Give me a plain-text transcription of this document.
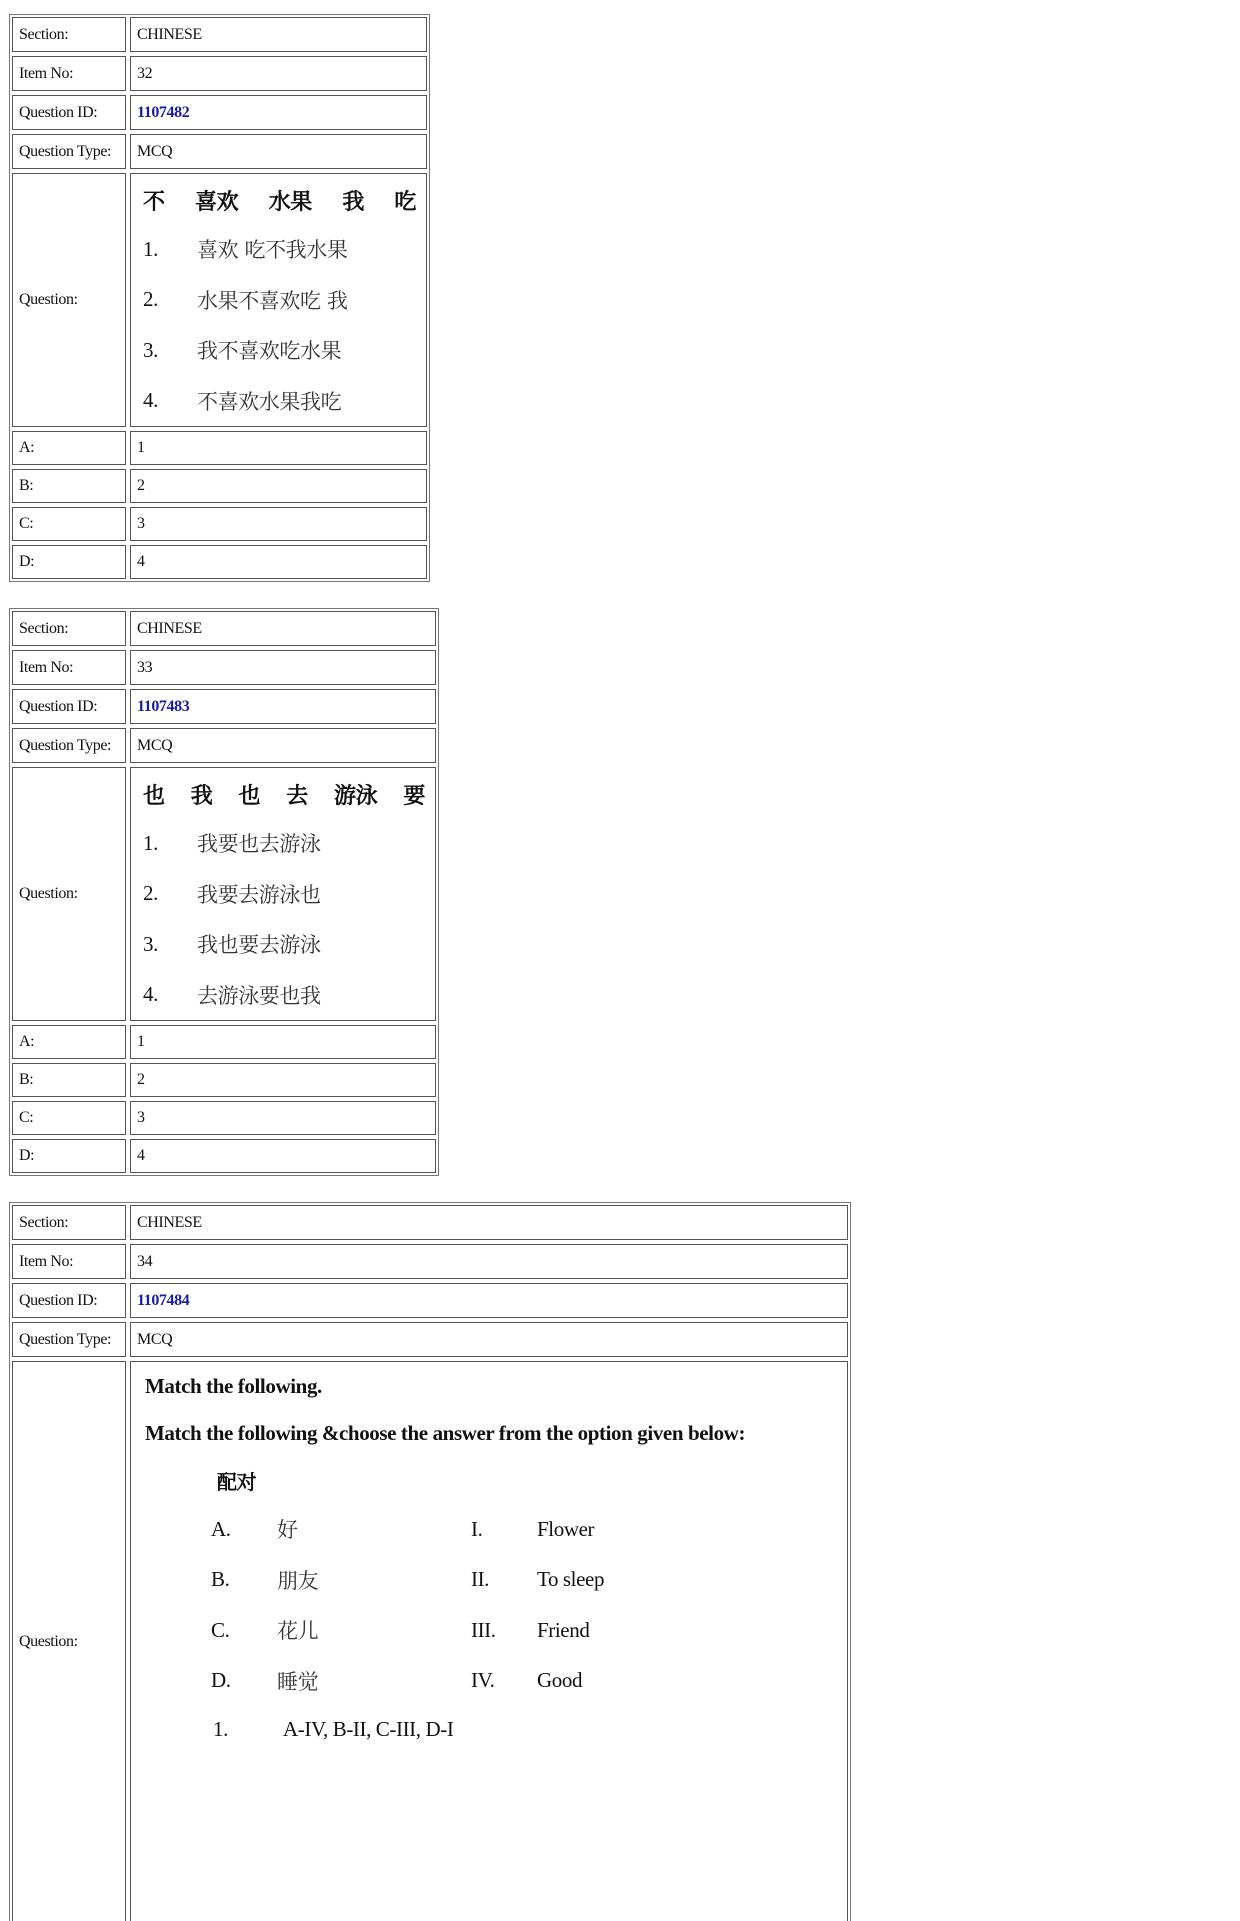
Section:	CHINESE
Item No:	32
Question ID:	1107482
Question Type:	MCQ
Question:
不 喜欢 水果 我 吃
1.	喜欢 吃不我水果
2.	水果不喜欢吃 我
3.	我不喜欢吃水果
4.	不喜欢水果我吃
A:	1
B:	2
C:	3
D:	4
Section:	CHINESE
Item No:	33
Question ID:	1107483
Question Type:	MCQ
Question:
也 我 也 去 游泳 要
1.	我要也去游泳
2.	我要去游泳也
3.	我也要去游泳
4.	去游泳要也我
A:	1
B:	2
C:	3
D:	4
Section:	CHINESE
Item No:	34
Question ID:	1107484
Question Type:	MCQ
Question:
Match the following.
Match the following &choose the answer from the option given below:
配对
A.	好	I.	Flower
B.	朋友	II.	To sleep
C.	花儿	III.	Friend
D.	睡觉	IV.	Good
1.	A-IV, B-II, C-III, D-I
